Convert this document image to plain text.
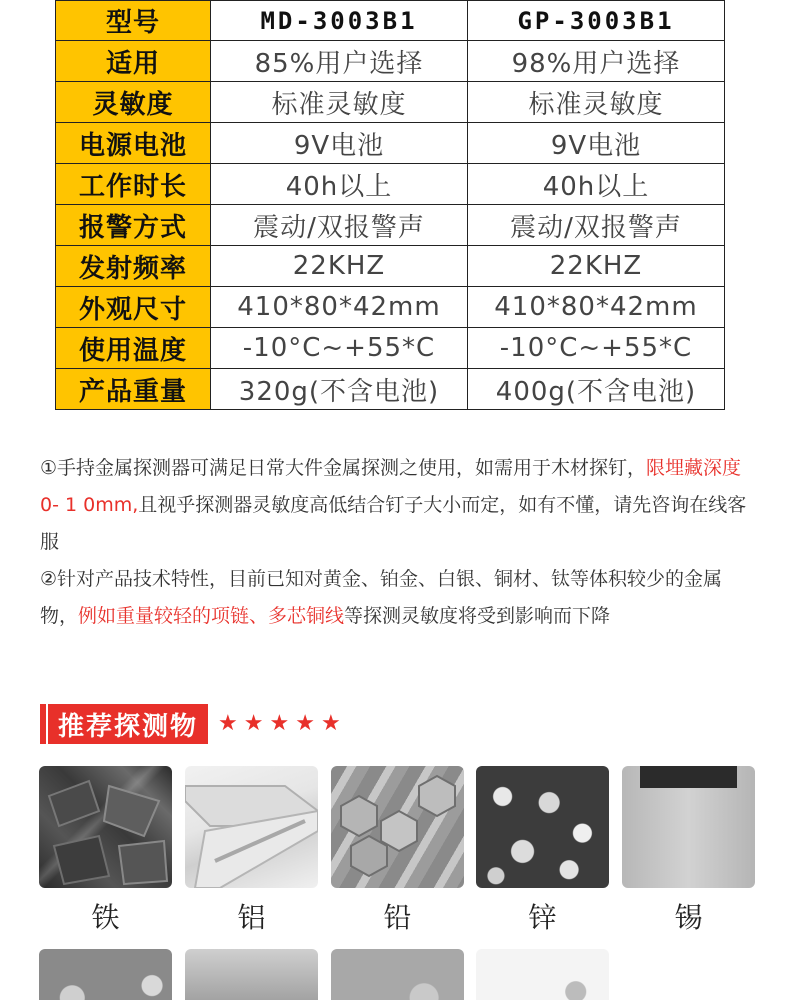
型号	MD-3003B1	GP-3003B1
适用	85%用户选择	98%用户选择
灵敏度	标准灵敏度	标准灵敏度
电源电池	9V电池	9V电池
工作时长	40h以上	40h以上
报警方式	震动/双报警声	震动/双报警声
发射频率	22KHZ	22KHZ
外观尺寸	410*80*42mm	410*80*42mm
使用温度	-10°C~+55*C	-10°C~+55*C
产品重量	320g(不含电池)	400g(不含电池)

①手持金属探测器可满足日常大件金属探测之使用，如需用于木材探钉，限埋藏深度0- 1 0mm,且视乎探测器灵敏度高低结合钉子大小而定，如有不懂，请先咨询在线客服

②针对产品技术特性，目前已知对黄金、铂金、白银、铜材、钛等体积较少的金属物，例如重量较轻的项链、多芯铜线等探测灵敏度将受到影响而下降

推荐探测物 ★ ★ ★ ★ ★
铁	铝	铅	锌	锡
